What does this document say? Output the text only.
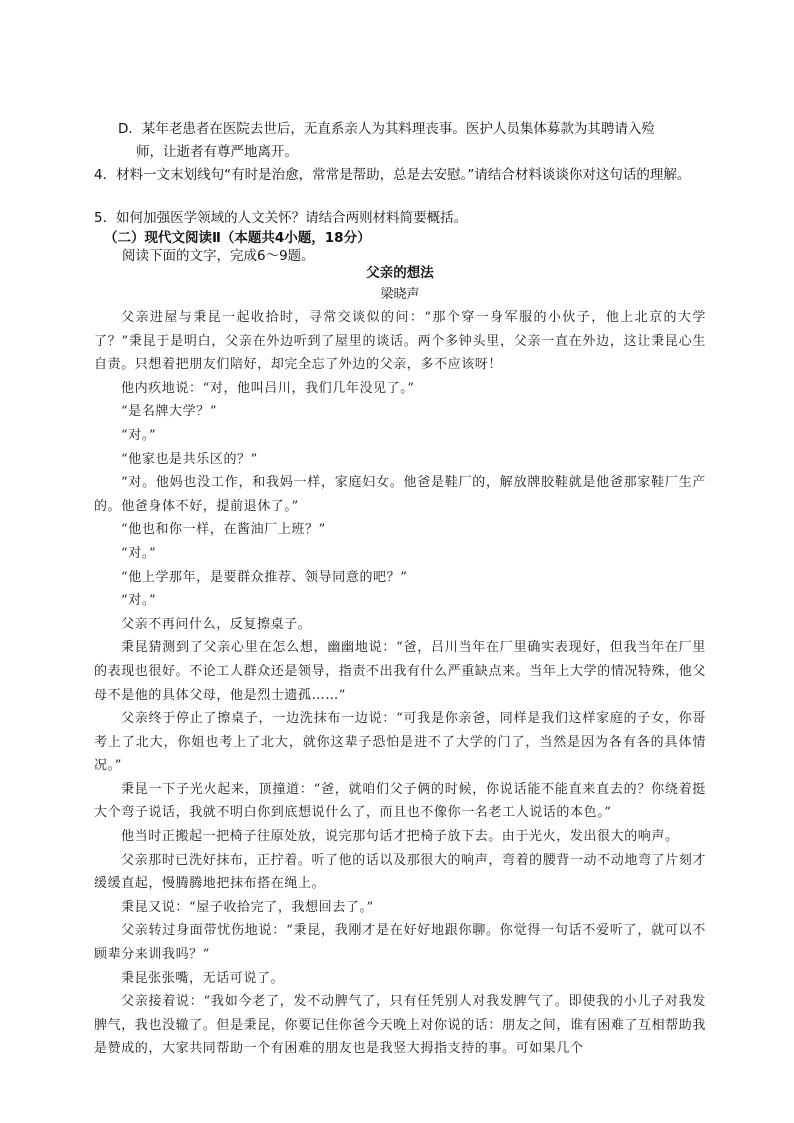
D．某年老患者在医院去世后，无直系亲人为其料理丧事。医护人员集体募款为其聘请入殓
师，让逝者有尊严地离开。

4．材料一文末划线句“有时是治愈，常常是帮助，总是去安慰。”请结合材料谈谈你对这句话的理解。

5．如何加强医学领域的人文关怀？请结合两则材料简要概括。

（二）现代文阅读Ⅱ（本题共4小题，18分）

阅读下面的文字，完成6～9题。

父亲的想法

梁晓声

父亲进屋与秉昆一起收拾时，寻常交谈似的问：“那个穿一身军服的小伙子，他上北京的大学了？”秉昆于是明白，父亲在外边听到了屋里的谈话。两个多钟头里，父亲一直在外边，这让秉昆心生自责。只想着把朋友们陪好，却完全忘了外边的父亲，多不应该呀！

他内疚地说：“对，他叫吕川，我们几年没见了。”

“是名牌大学？”

“对。”

“他家也是共乐区的？”

“对。他妈也没工作，和我妈一样，家庭妇女。他爸是鞋厂的，解放牌胶鞋就是他爸那家鞋厂生产的。他爸身体不好，提前退休了。”

“他也和你一样，在酱油厂上班？”

“对。”

“他上学那年，是要群众推荐、领导同意的吧？”

“对。”

父亲不再问什么，反复擦桌子。

秉昆猜测到了父亲心里在怎么想，幽幽地说：“爸，吕川当年在厂里确实表现好，但我当年在厂里的表现也很好。不论工人群众还是领导，指责不出我有什么严重缺点来。当年上大学的情况特殊，他父母不是他的具体父母，他是烈士遗孤……”

父亲终于停止了擦桌子，一边洗抹布一边说：“可我是你亲爸，同样是我们这样家庭的子女，你哥考上了北大，你姐也考上了北大，就你这辈子恐怕是进不了大学的门了，当然是因为各有各的具体情况。”

秉昆一下子光火起来，顶撞道：“爸，就咱们父子俩的时候，你说话能不能直来直去的？你绕着挺大个弯子说话，我就不明白你到底想说什么了，而且也不像你一名老工人说话的本色。”

他当时正搬起一把椅子往原处放，说完那句话才把椅子放下去。由于光火，发出很大的响声。

父亲那时已洗好抹布，正拧着。听了他的话以及那很大的响声，弯着的腰背一动不动地弯了片刻才缓缓直起，慢腾腾地把抹布搭在绳上。

秉昆又说：“屋子收拾完了，我想回去了。”

父亲转过身面带忧伤地说：“秉昆，我刚才是在好好地跟你聊。你觉得一句话不爱听了，就可以不顾辈分来训我吗？”

秉昆张张嘴，无话可说了。

父亲接着说：“我如今老了，发不动脾气了，只有任凭别人对我发脾气了。即使我的小儿子对我发脾气，我也没辙了。但是秉昆，你要记住你爸今天晚上对你说的话：朋友之间，谁有困难了互相帮助我是赞成的，大家共同帮助一个有困难的朋友也是我竖大拇指支持的事。可如果几个
